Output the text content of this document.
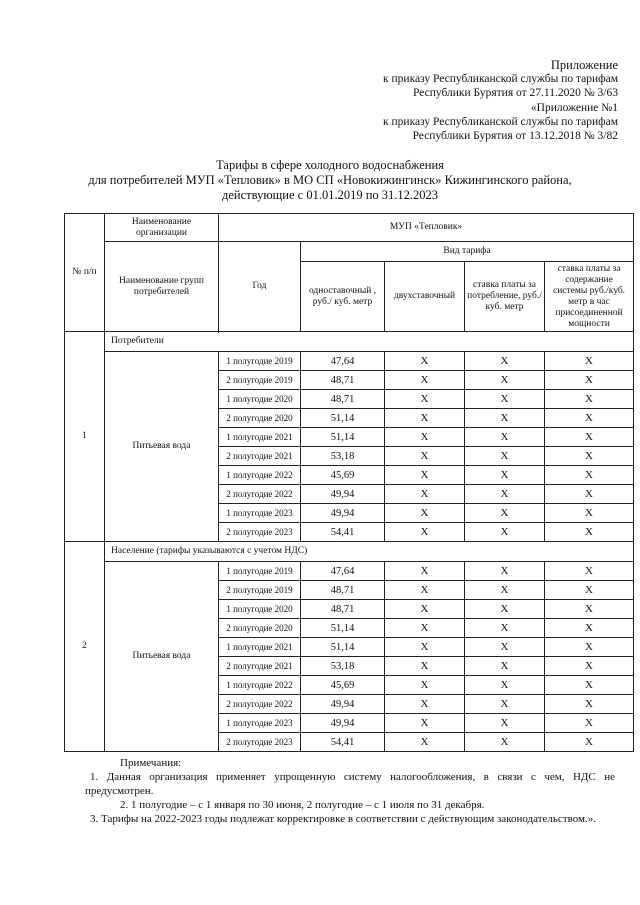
Приложение
к приказу Республиканской службы по тарифам
Республики Бурятия от 27.11.2020 № 3/63
«Приложение №1
к приказу Республиканской службы по тарифам
Республики Бурятия от 13.12.2018 № 3/82
Тарифы в сфере холодного водоснабжения
для потребителей МУП «Тепловик» в МО СП «Новокижингинск» Кижингинского района,
действующие с 01.01.2019 по 31.12.2023
№ п/п	Наименование организации	МУП «Тепловик»				
	Наименование групп потребителей	Год	Вид тарифа			
			одноставочный , руб./ куб. метр	двухставочный	ставка платы за потребление, руб./ куб. метр	ставка платы за содержание системы руб./куб. метр в час присоединенной мощности

1	Потребители					
	Питьевая вода	1 полугодие 2019	47,64	X	X	X
		2 полугодие 2019	48,71	X	X	X
		1 полугодие 2020	48,71	X	X	X
		2 полугодие 2020	51,14	X	X	X
		1 полугодие 2021	51,14	X	X	X
		2 полугодие 2021	53,18	X	X	X
		1 полугодие 2022	45,69	X	X	X
		2 полугодие 2022	49,94	X	X	X
		1 полугодие 2023	49,94	X	X	X
		2 полугодие 2023	54,41	X	X	X
2	Население (тарифы указываются с учетом НДС)					
	Питьевая вода	1 полугодие 2019	47,64	X	X	X
		2 полугодие 2019	48,71	X	X	X
		1 полугодие 2020	48,71	X	X	X
		2 полугодие 2020	51,14	X	X	X
		1 полугодие 2021	51,14	X	X	X
		2 полугодие 2021	53,18	X	X	X
		1 полугодие 2022	45,69	X	X	X
		2 полугодие 2022	49,94	X	X	X
		1 полугодие 2023	49,94	X	X	X
		2 полугодие 2023	54,41	X	X	X
Примечания:
1. Данная организация применяет упрощенную систему налогообложения, в связи с чем, НДС не предусмотрен.
2. 1 полугодие – с 1 января по 30 июня, 2 полугодие – с 1 июля по 31 декабря.
3. Тарифы на 2022-2023 годы подлежат корректировке в соответствии с действующим законодательством.».
